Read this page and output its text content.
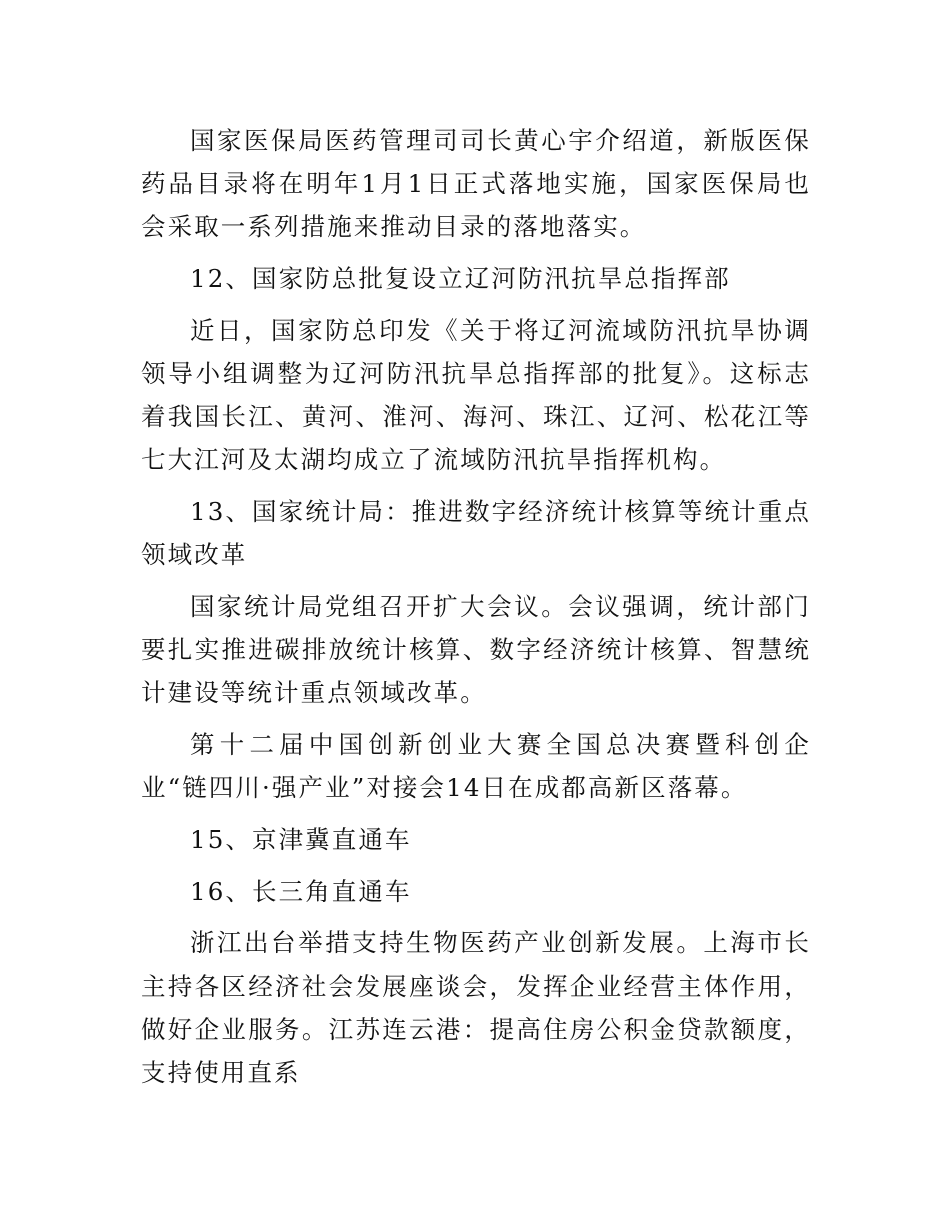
国家医保局医药管理司司长黄心宇介绍道，新版医保药品目录将在明年1月1日正式落地实施，国家医保局也会采取一系列措施来推动目录的落地落实。

12、国家防总批复设立辽河防汛抗旱总指挥部

近日，国家防总印发《关于将辽河流域防汛抗旱协调领导小组调整为辽河防汛抗旱总指挥部的批复》。这标志着我国长江、黄河、淮河、海河、珠江、辽河、松花江等七大江河及太湖均成立了流域防汛抗旱指挥机构。

13、国家统计局：推进数字经济统计核算等统计重点领域改革

国家统计局党组召开扩大会议。会议强调，统计部门要扎实推进碳排放统计核算、数字经济统计核算、智慧统计建设等统计重点领域改革。

第十二届中国创新创业大赛全国总决赛暨科创企业“链四川·强产业”对接会14日在成都高新区落幕。

15、京津冀直通车

16、长三角直通车

浙江出台举措支持生物医药产业创新发展。上海市长主持各区经济社会发展座谈会，发挥企业经营主体作用，做好企业服务。江苏连云港：提高住房公积金贷款额度，支持使用直系
